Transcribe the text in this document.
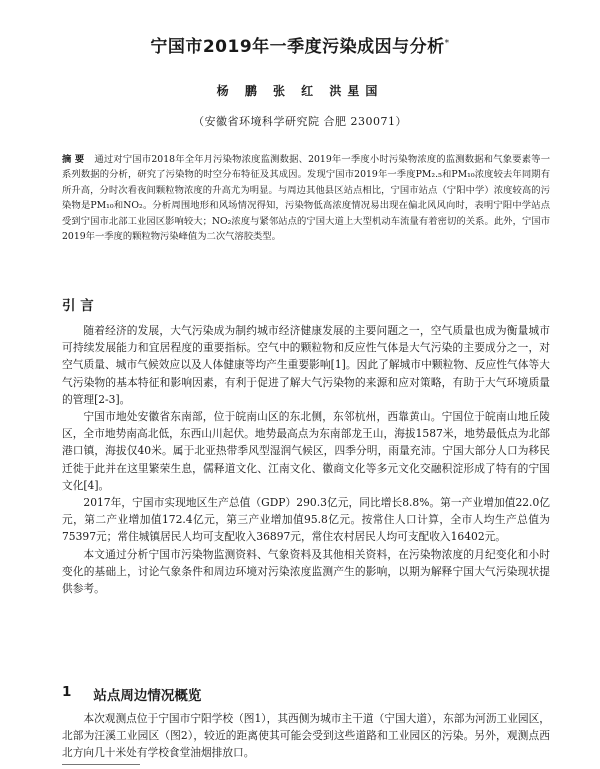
宁国市2019年一季度污染成因与分析*
杨 鹏 张 红 洪星国
（安徽省环境科学研究院 合肥 230071）
摘 要 通过对宁国市2018年全年月污染物浓度监测数据、2019年一季度小时污染物浓度的监测数据和气象要素等一系列数据的分析，研究了污染物的时空分布特征及其成因。发现宁国市2019年一季度PM₂.₅和PM₁₀浓度较去年同期有所升高，分时次看夜间颗粒物浓度的升高尤为明显。与周边其他县区站点相比，宁国市站点（宁阳中学）浓度较高的污染物是PM₁₀和NO₂。分析周围地形和风场情况得知，污染物低高浓度情况易出现在偏北风风向时，表明宁阳中学站点受到宁国市北部工业园区影响较大；NO₂浓度与紧邻站点的宁国大道上大型机动车流量有着密切的关系。此外，宁国市2019年一季度的颗粒物污染峰值为二次气溶胶类型。
引 言

随着经济的发展，大气污染成为制约城市经济健康发展的主要问题之一，空气质量也成为衡量城市可持续发展能力和宜居程度的重要指标。空气中的颗粒物和反应性气体是大气污染的主要成分之一，对空气质量、城市气候效应以及人体健康等均产生重要影响[1]。因此了解城市中颗粒物、反应性气体等大气污染物的基本特征和影响因素，有利于促进了解大气污染物的来源和应对策略，有助于大气环境质量的管理[2-3]。

宁国市地处安徽省东南部，位于皖南山区的东北侧，东邻杭州，西靠黄山。宁国位于皖南山地丘陵区，全市地势南高北低，东西山川起伏。地势最高点为东南部龙王山，海拔1587米，地势最低点为北部港口镇，海拔仅40米。属于北亚热带季风型湿润气候区，四季分明，雨量充沛。宁国大部分人口为移民迁徙于此并在这里繁荣生息，儒释道文化、江南文化、徽商文化等多元文化交融积淀形成了特有的宁国文化[4]。

2017年，宁国市实现地区生产总值（GDP）290.3亿元，同比增长8.8%。第一产业增加值22.0亿元，第二产业增加值172.4亿元，第三产业增加值95.8亿元。按常住人口计算，全市人均生产总值为75397元；常住城镇居民人均可支配收入36897元，常住农村居民人均可支配收入16402元。

本文通过分析宁国市污染物监测资料、气象资料及其他相关资料，在污染物浓度的月纪变化和小时变化的基础上，讨论气象条件和周边环境对污染浓度监测产生的影响，以期为解释宁国大气污染现状提供参考。

1 站点周边情况概览

本次观测点位于宁国市宁阳学校（图1），其西侧为城市主干道（宁国大道），东部为河沥工业园区，北部为汪溪工业园区（图2），较近的距离使其可能会受到这些道路和工业园区的污染。另外，观测点西北方向几十米处有学校食堂油烟排放口。
